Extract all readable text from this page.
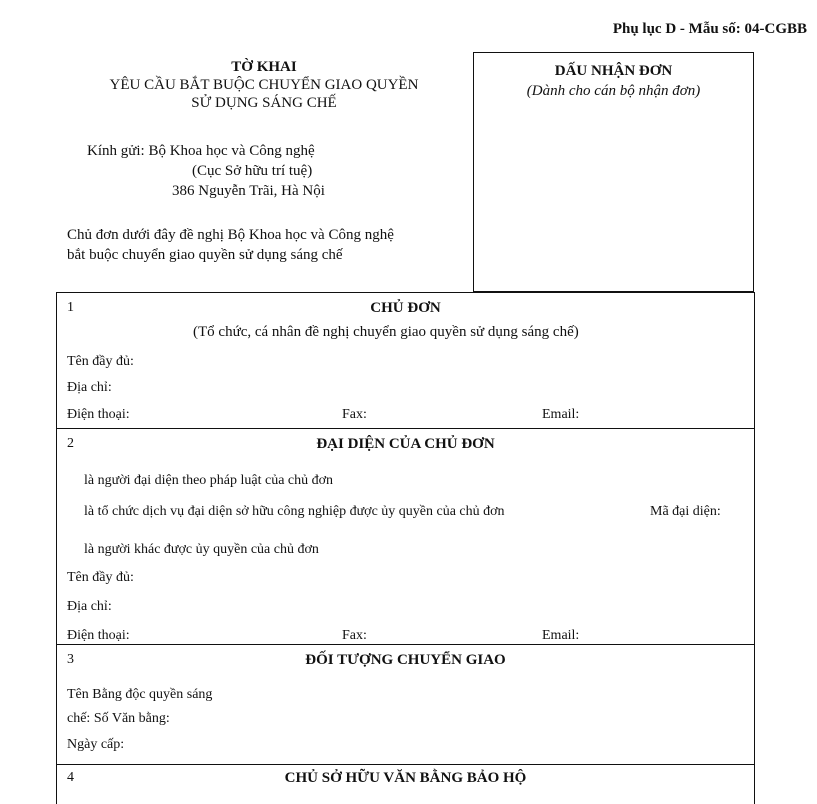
Phụ lục D - Mẫu số: 04-CGBB
TỜ KHAI
YÊU CẦU BẮT BUỘC CHUYỂN GIAO QUYỀN
SỬ DỤNG SÁNG CHẾ
Kính gửi: Bộ Khoa học và Công nghệ
(Cục Sở hữu trí tuệ)
386 Nguyễn Trãi, Hà Nội
Chủ đơn dưới đây đề nghị Bộ Khoa học và Công nghệ
bắt buộc chuyển giao quyền sử dụng sáng chế
DẤU NHẬN ĐƠN
(Dành cho cán bộ nhận đơn)
1	CHỦ ĐƠN
(Tổ chức, cá nhân đề nghị chuyển giao quyền sử dụng sáng chế)
Tên đầy đủ:
Địa chỉ:
Điện thoại:	Fax:	Email:
2	ĐẠI DIỆN CỦA CHỦ ĐƠN
là người đại diện theo pháp luật của chủ đơn
là tổ chức dịch vụ đại diện sở hữu công nghiệp được ủy quyền của chủ đơn	Mã đại diện:
là người khác được ủy quyền của chủ đơn
Tên đầy đủ:
Địa chỉ:
Điện thoại:	Fax:	Email:
3	ĐỐI TƯỢNG CHUYỂN GIAO
Tên Bằng độc quyền sáng
chế: Số Văn bằng:
Ngày cấp:
4	CHỦ SỞ HỮU VĂN BẰNG BẢO HỘ
